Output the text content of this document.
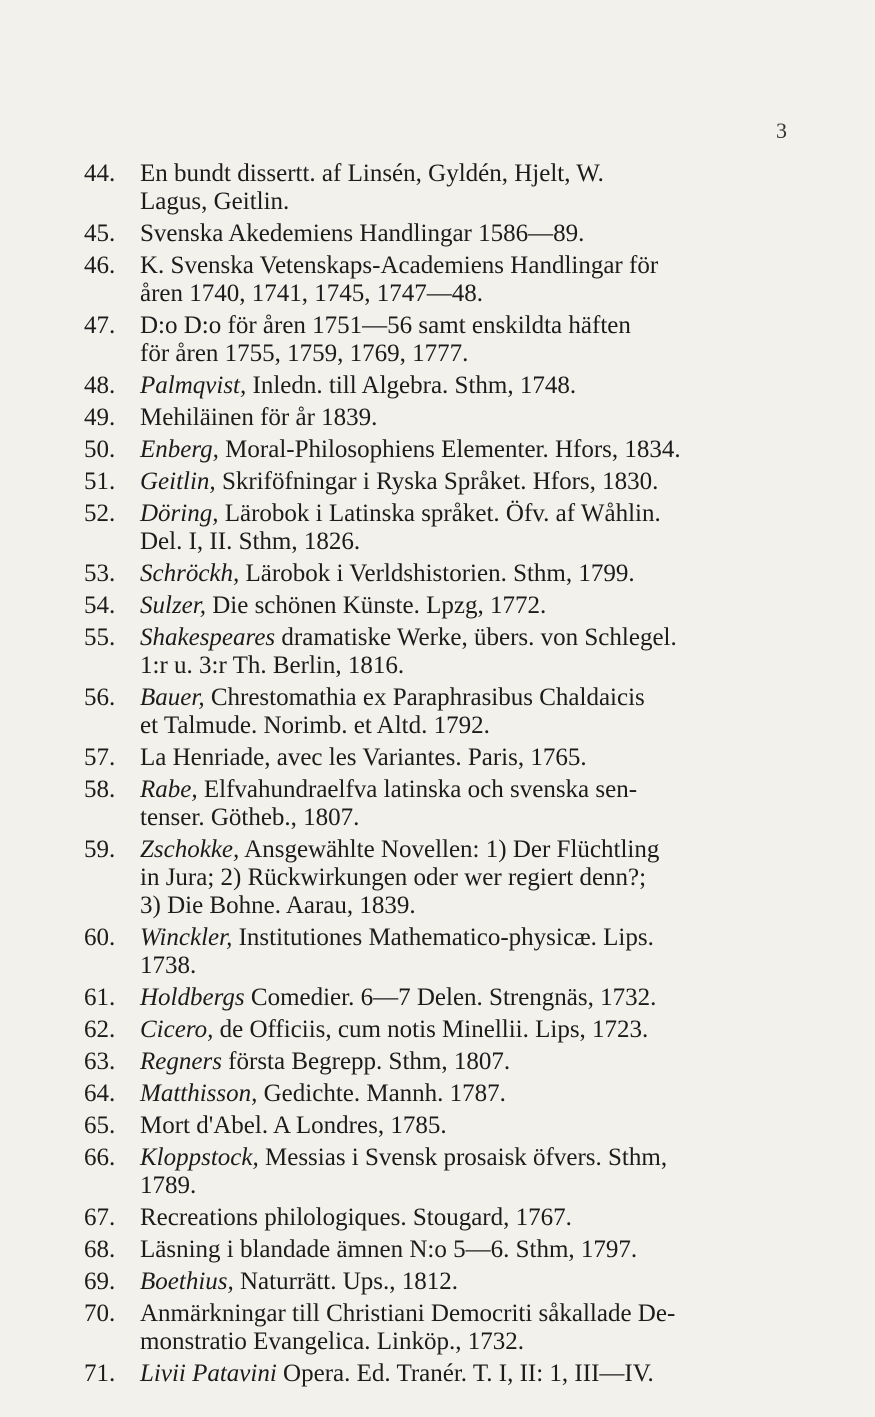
3
44. En bundt dissertt. af Linsén, Gyldén, Hjelt, W.
Lagus, Geitlin.
45. Svenska Akedemiens Handlingar 1586—89.
46. K. Svenska Vetenskaps-Academiens Handlingar för
åren 1740, 1741, 1745, 1747—48.
47. D:o D:o för åren 1751—56 samt enskildta häften
för åren 1755, 1759, 1769, 1777.
48. Palmqvist, Inledn. till Algebra. Sthm, 1748.
49. Mehiläinen för år 1839.
50. Enberg, Moral-Philosophiens Elementer. Hfors, 1834.
51. Geitlin, Skriföfningar i Ryska Språket. Hfors, 1830.
52. Döring, Lärobok i Latinska språket. Öfv. af Wåhlin.
Del. I, II. Sthm, 1826.
53. Schröckh, Lärobok i Verldshistorien. Sthm, 1799.
54. Sulzer, Die schönen Künste. Lpzg, 1772.
55. Shakespeares dramatiske Werke, übers. von Schlegel.
1:r u. 3:r Th. Berlin, 1816.
56. Bauer, Chrestomathia ex Paraphrasibus Chaldaicis
et Talmude. Norimb. et Altd. 1792.
57. La Henriade, avec les Variantes. Paris, 1765.
58. Rabe, Elfvahundraelfva latinska och svenska sen-
tenser. Götheb., 1807.
59. Zschokke, Ansgewählte Novellen: 1) Der Flüchtling
in Jura; 2) Rückwirkungen oder wer regiert denn?;
3) Die Bohne. Aarau, 1839.
60. Winckler, Institutiones Mathematico-physicæ. Lips.
1738.
61. Holdbergs Comedier. 6—7 Delen. Strengnäs, 1732.
62. Cicero, de Officiis, cum notis Minellii. Lips, 1723.
63. Regners första Begrepp. Sthm, 1807.
64. Matthisson, Gedichte. Mannh. 1787.
65. Mort d'Abel. A Londres, 1785.
66. Kloppstock, Messias i Svensk prosaisk öfvers. Sthm,
1789.
67. Recreations philologiques. Stougard, 1767.
68. Läsning i blandade ämnen N:o 5—6. Sthm, 1797.
69. Boethius, Naturrätt. Ups., 1812.
70. Anmärkningar till Christiani Democriti såkallade De-
monstratio Evangelica. Linköp., 1732.
71. Livii Patavini Opera. Ed. Tranér. T. I, II: 1, III—IV.
